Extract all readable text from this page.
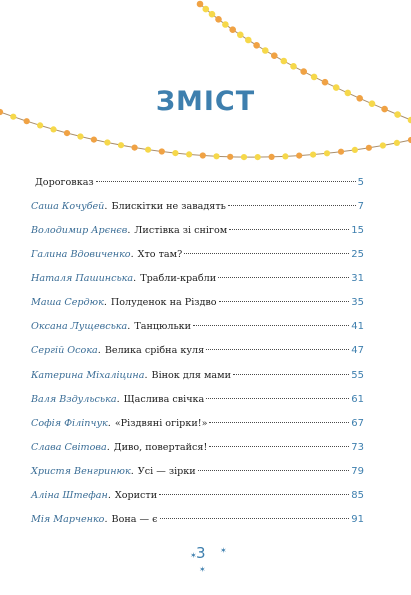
ЗМІСТ
Дороговказ	5
Саша Кочубей . Блискітки не завадять	7
Володимир Арєнєв . Листівка зі снігом	15
Галина Вдовиченко . Хто там?	25
Наталя Пашинська . Трабли-крабли	31
Маша Сердюк . Полуденок на Різдво	35
Оксана Лущевська . Танцюльки	41
Сергій Осока . Велика срібна куля	47
Катерина Міхаліцина . Вінок для мами	55
Валя Вздульська . Щаслива свічка	61
Софія Філіпчук . «Різдвяні огірки!»	67
Слава Світова . Диво, повертайся!	73
Христя Венгринюк . Усі — зірки	79
Аліна Штефан . Хористи	85
Мія Марченко . Вона — є	91
✶ 3 ✶
✶
